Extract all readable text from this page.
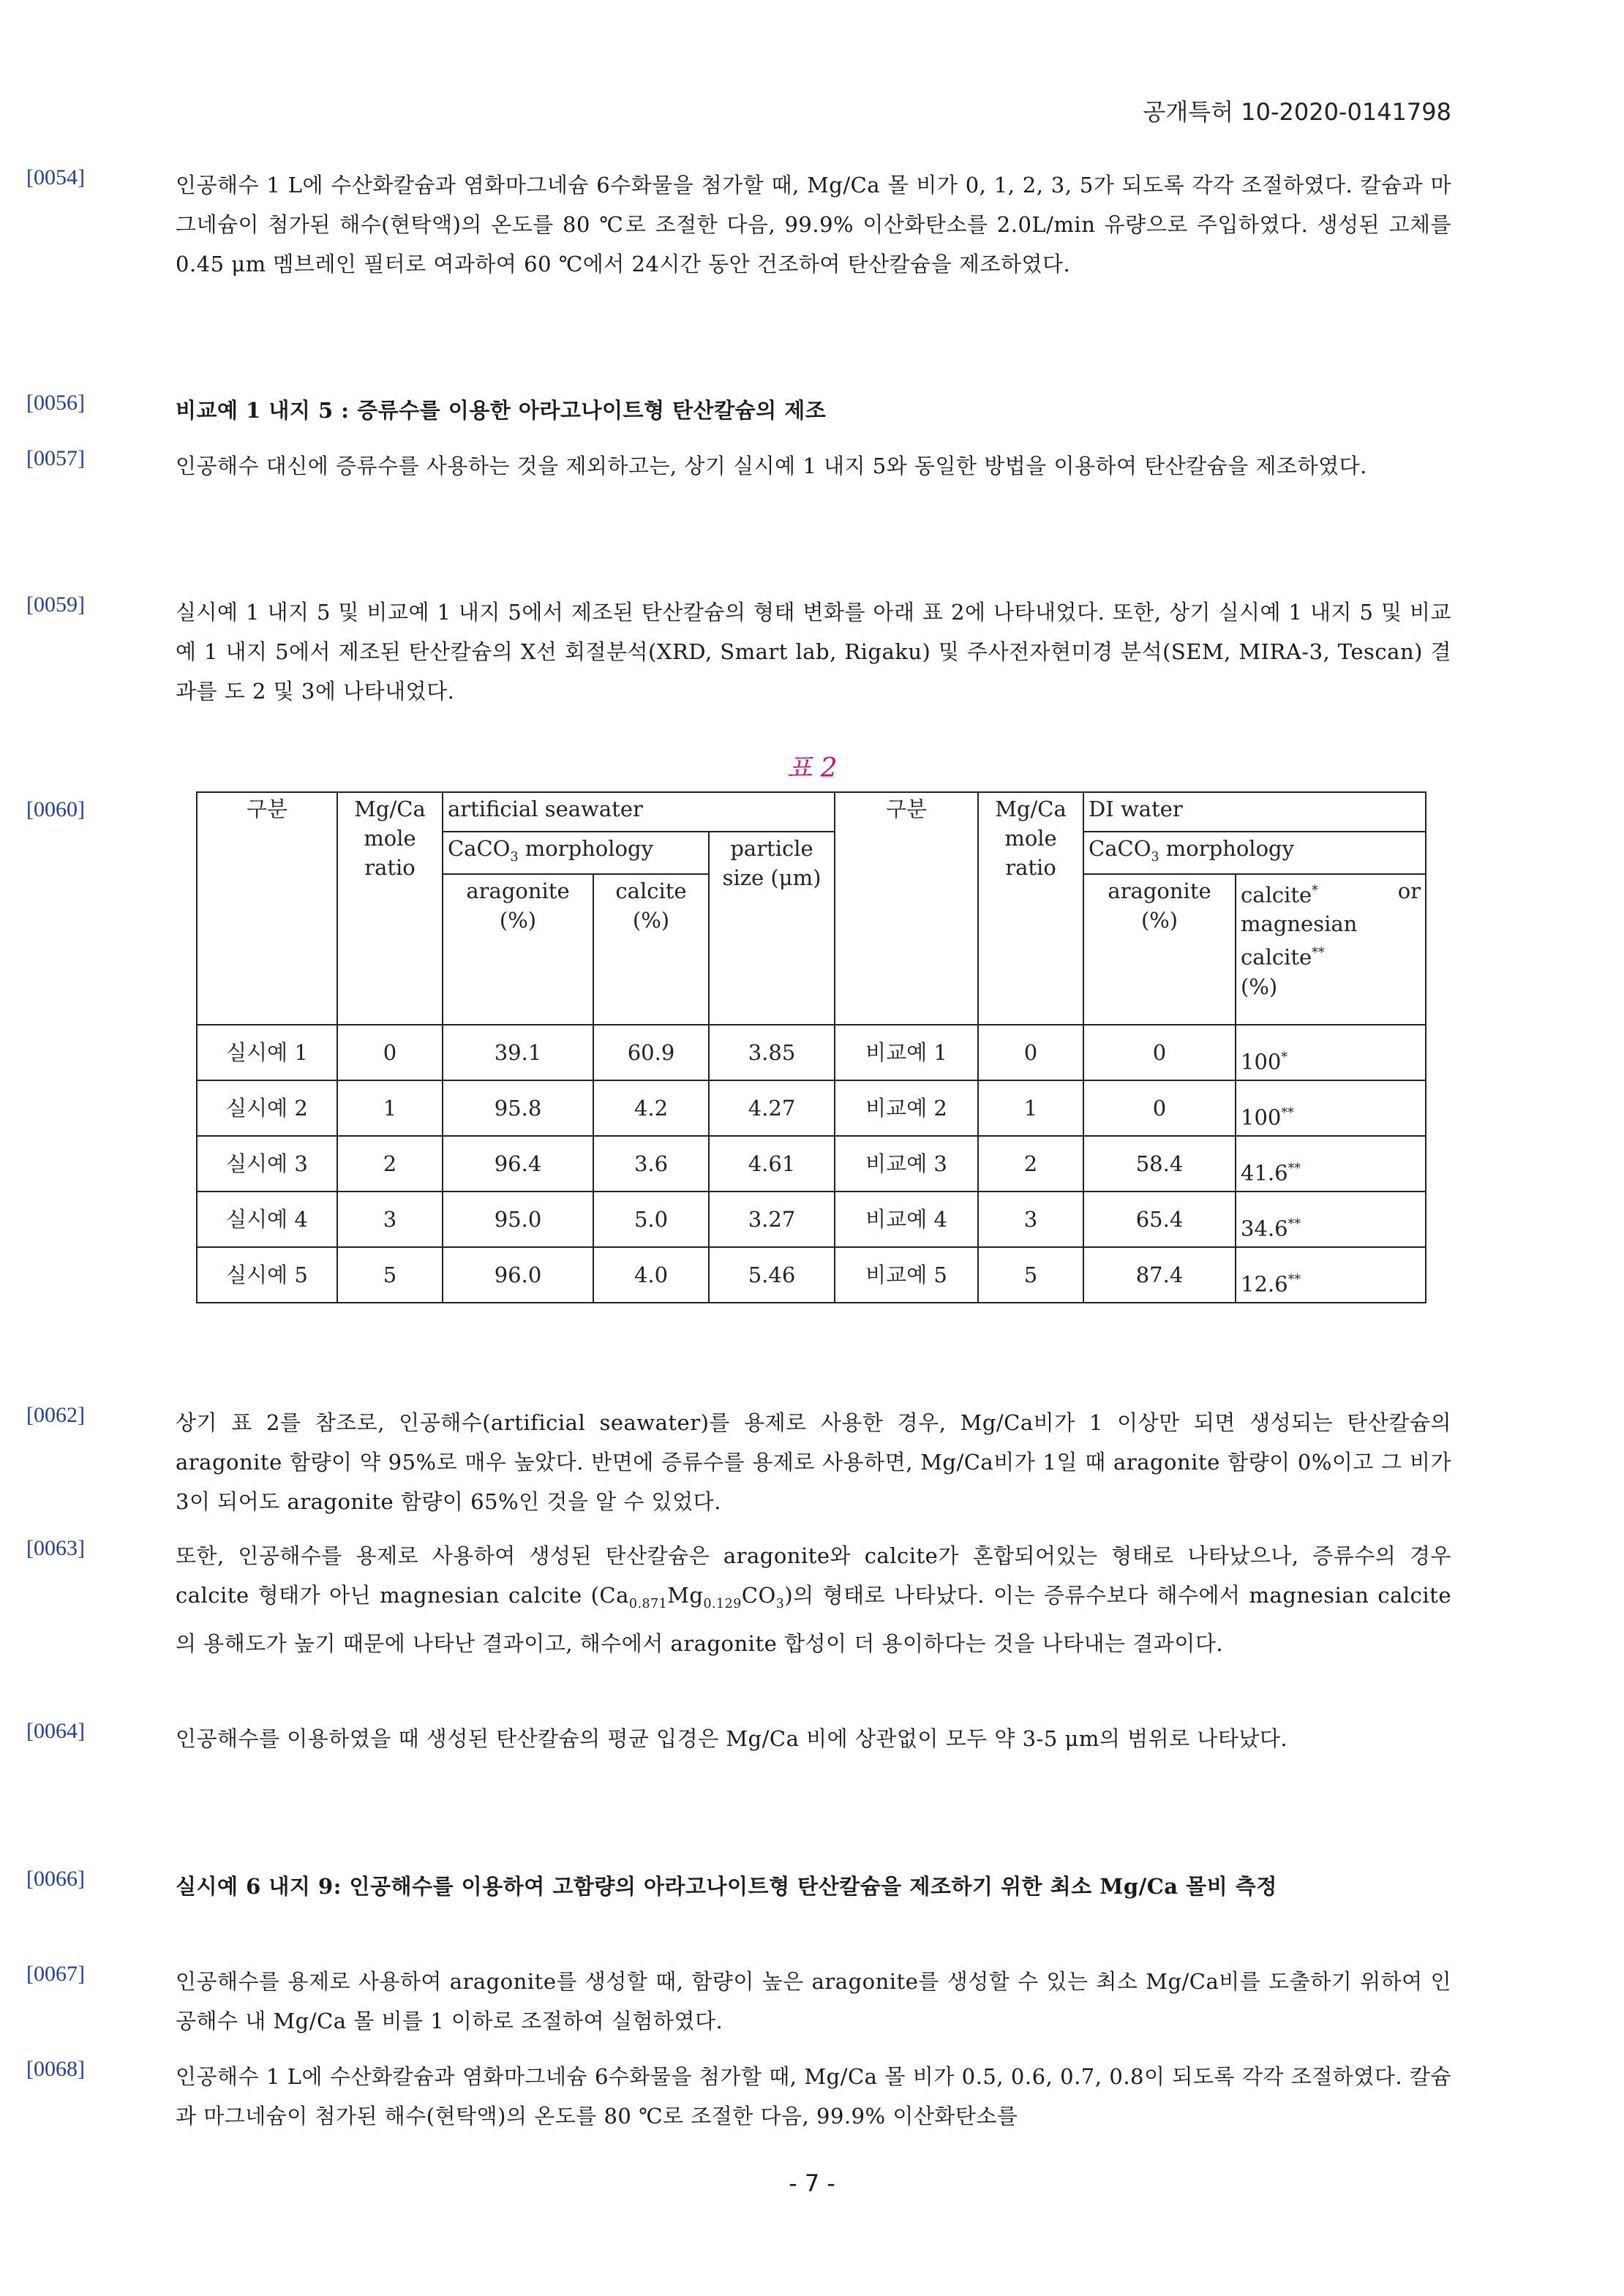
공개특허 10-2020-0141798
[0054]	인공해수 1 L에 수산화칼슘과 염화마그네슘 6수화물을 첨가할 때, Mg/Ca 몰 비가 0, 1, 2, 3, 5가 되도록 각각 조절하였다. 칼슘과 마그네슘이 첨가된 해수(현탁액)의 온도를 80 ℃로 조절한 다음, 99.9% 이산화탄소를 2.0L/min 유량으로 주입하였다. 생성된 고체를 0.45 μm 멤브레인 필터로 여과하여 60 ℃에서 24시간 동안 건조하여 탄산칼슘을 제조하였다.
[0056]	비교예 1 내지 5 : 증류수를 이용한 아라고나이트형 탄산칼슘의 제조
[0057]	인공해수 대신에 증류수를 사용하는 것을 제외하고는, 상기 실시예 1 내지 5와 동일한 방법을 이용하여 탄산칼슘을 제조하였다.
[0059]	실시예 1 내지 5 및 비교예 1 내지 5에서 제조된 탄산칼슘의 형태 변화를 아래 표 2에 나타내었다. 또한, 상기 실시예 1 내지 5 및 비교예 1 내지 5에서 제조된 탄산칼슘의 X선 회절분석(XRD, Smart lab, Rigaku) 및 주사전자현미경 분석(SEM, MIRA-3, Tescan) 결과를 도 2 및 3에 나타내었다.
[0060]
표 2
구분	Mg/Ca mole ratio	artificial seawater			구분	Mg/Ca mole ratio	DI water	
		CaCO$_3$ morphology		particle size (μm)			CaCO$_3$ morphology	
		aragonite (%)	calcite (%)				aragonite (%)	calcite* or
magnesian
calcite**
(%)

실시예 1	0	39.1	60.9	3.85	비교예 1	0	0	100*
실시예 2	1	95.8	4.2	4.27	비교예 2	1	0	100**
실시예 3	2	96.4	3.6	4.61	비교예 3	2	58.4	41.6**
실시예 4	3	95.0	5.0	3.27	비교예 4	3	65.4	34.6**
실시예 5	5	96.0	4.0	5.46	비교예 5	5	87.4	12.6**
[0062]	상기 표 2를 참조로, 인공해수(artificial seawater)를 용제로 사용한 경우, Mg/Ca비가 1 이상만 되면 생성되는 탄산칼슘의 aragonite 함량이 약 95%로 매우 높았다. 반면에 증류수를 용제로 사용하면, Mg/Ca비가 1일 때 aragonite 함량이 0%이고 그 비가 3이 되어도 aragonite 함량이 65%인 것을 알 수 있었다.
[0063]	또한, 인공해수를 용제로 사용하여 생성된 탄산칼슘은 aragonite와 calcite가 혼합되어있는 형태로 나타났으나, 증류수의 경우 calcite 형태가 아닌 magnesian calcite $(Ca_{0.871}Mg_{0.129}CO_3)$의 형태로 나타났다. 이는 증류수보다 해수에서 magnesian calcite의 용해도가 높기 때문에 나타난 결과이고, 해수에서 aragonite 합성이 더 용이하다는 것을 나타내는 결과이다.
[0064]	인공해수를 이용하였을 때 생성된 탄산칼슘의 평균 입경은 Mg/Ca 비에 상관없이 모두 약 3-5 μm의 범위로 나타났다.
[0066]	실시예 6 내지 9: 인공해수를 이용하여 고함량의 아라고나이트형 탄산칼슘을 제조하기 위한 최소 Mg/Ca 몰비 측정
[0067]	인공해수를 용제로 사용하여 aragonite를 생성할 때, 함량이 높은 aragonite를 생성할 수 있는 최소 Mg/Ca비를 도출하기 위하여 인공해수 내 Mg/Ca 몰 비를 1 이하로 조절하여 실험하였다.
[0068]	인공해수 1 L에 수산화칼슘과 염화마그네슘 6수화물을 첨가할 때, Mg/Ca 몰 비가 0.5, 0.6, 0.7, 0.8이 되도록 각각 조절하였다. 칼슘과 마그네슘이 첨가된 해수(현탁액)의 온도를 80 ℃로 조절한 다음, 99.9% 이산화탄소를
- 7 -
